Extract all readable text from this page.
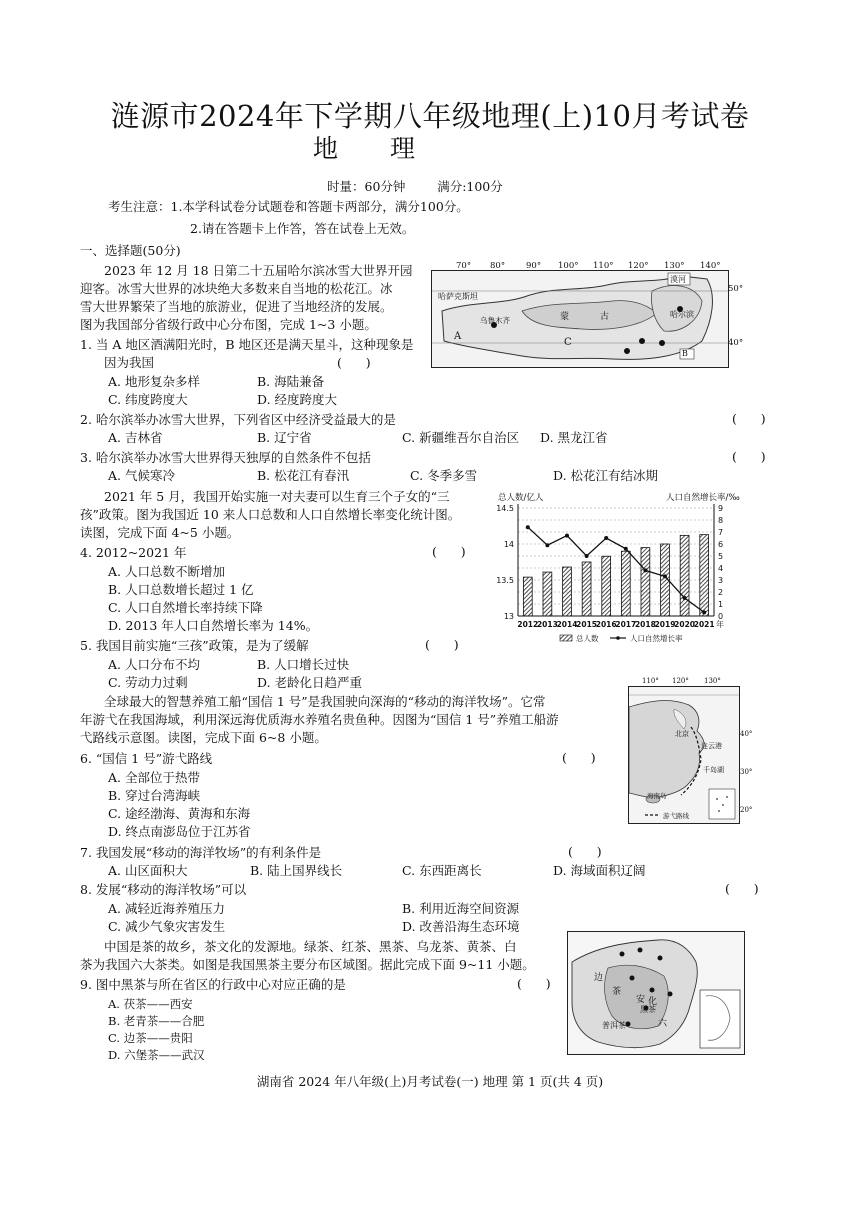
涟源市2024年下学期八年级地理(上)10月考试卷
地 理
时量：60分钟        满分:100分
考生注意：1.本学科试卷分试题卷和答题卡两部分，满分100分。
2.请在答题卡上作答，答在试卷上无效。
一、选择题(50分)
2023 年 12 月 18 日第二十五届哈尔滨冰雪大世界开园
迎客。冰雪大世界的冰块绝大多数来自当地的松花江。冰
雪大世界繁荣了当地的旅游业，促进了当地经济的发展。
图为我国部分省级行政中心分布图，完成 1~3 小题。
哈萨克斯坦
乌鲁木齐	蒙	古
漠河
哈尔滨
C
A
B
70° 80° 90° 100° 110° 120° 130° 140°
50°
40°
1. 当 A 地区酒满阳光时，B 地区还是满天星斗，这种现象是
因为我国	(      )
A. 地形复杂多样	B. 海陆兼备
C. 纬度跨度大	D. 经度跨度大
2. 哈尔滨举办冰雪大世界，下列省区中经济受益最大的是	(      )
A. 吉林省	B. 辽宁省	C. 新疆维吾尔自治区 D. 黑龙江省
3. 哈尔滨举办冰雪大世界得天独厚的自然条件不包括	(      )
A. 气候寒冷	B. 松花江有春汛	C. 冬季多雪	D. 松花江有结冰期
2021 年 5 月，我国开始实施一对夫妻可以生育三个子女的“三
孩”政策。图为我国近 10 来人口总数和人口自然增长率变化统计图。
读图，完成下面 4~5 小题。
总人数/亿人	人口自然增长率/‰
14.5
14
13.5
13
9
8
7
6
5
4
3
2
1
0
2012
2013
2014
2015
2016
2017
2018
2019
2020
2021 年
总人数	人口自然增长率
4. 2012~2021 年	(      )
A. 人口总数不断增加
B. 人口总数增长超过 1 亿
C. 人口自然增长率持续下降
D. 2013 年人口自然增长率为 14%。
5. 我国目前实施“三孩”政策，是为了缓解	(      )
A. 人口分布不均	B. 人口增长过快
C. 劳动力过剩	D. 老龄化日趋严重
全球最大的智慧养殖工船“国信 1 号”是我国驶向深海的“移动的海洋牧场”。它常
年游弋在我国海域，利用深远海优质海水养殖名贵鱼种。因图为“国信 1 号”养殖工船游
弋路线示意图。读图，完成下面 6~8 小题。	北京
连云港
千岛湖
海南岛
游弋路线
110° 120° 130°
40°
30°
20°
6. “国信 1 号”游弋路线	(      )
A. 全部位于热带
B. 穿过台湾海峡
C. 途经渤海、黄海和东海
D. 终点南澎岛位于江苏省
7. 我国发展“移动的海洋牧场”的有利条件是	(      )
A. 山区面积大	B. 陆上国界线长	C. 东西距离长	D. 海域面积辽阔
8. 发展“移动的海洋牧场”可以	(      )
A. 减轻近海养殖压力	B. 利用近海空间资源
C. 减少气象灾害发生	D. 改善沿海生态环境
中国是茶的故乡，茶文化的发源地。绿茶、红茶、黑茶、乌龙茶、黄茶、白
茶为我国六大茶类。如图是我国黑茶主要分布区域图。据此完成下面 9~11 小题。
边
茶
安 化
黑茶
六
普洱茶
9. 图中黑茶与所在省区的行政中心对应正确的是	(      )
A. 茯茶——西安
B. 老青茶——合肥
C. 边茶——贵阳
D. 六堡茶——武汉
湖南省 2024 年八年级(上)月考试卷(一) 地理 第 1 页(共 4 页)
